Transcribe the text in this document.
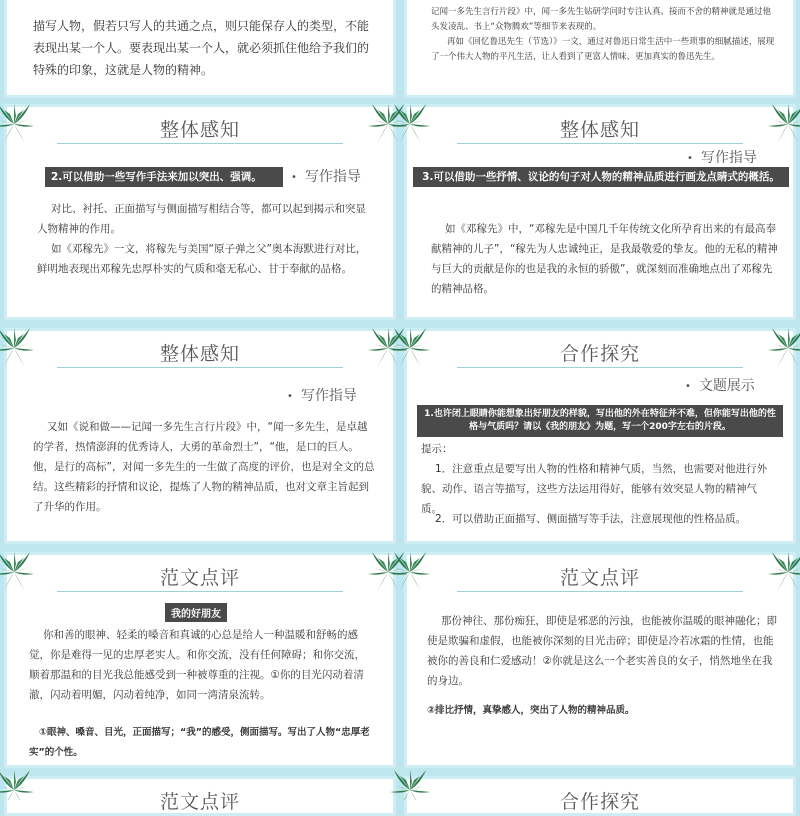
描写人物，假若只写人的共通之点，则只能保存人的类型，不能表现出某一个人。要表现出某一个人，就必须抓住他给予我们的特殊的印象，这就是人物的精神。
记闻一多先生言行片段》中，闻一多先生钻研学问时专注认真、接而不舍的精神就是通过他头发凌乱、书上“众物腾欢”等细节来表现的。
再如《回忆鲁迅先生（节选）》一文，通过对鲁迅日常生活中一些琐事的细腻描述，展现了一个伟大人物的平凡生活，让人看到了更富人情味、更加真实的鲁迅先生。
整体感知
2.可以借助一些写作手法来加以突出、强调。	• 写作指导
对比、衬托、正面描写与侧面描写相结合等，都可以起到揭示和突显人物精神的作用。
如《邓稼先》一文，将稼先与美国“原子弹之父”奥本海默进行对比，鲜明地表现出邓稼先忠厚朴实的气质和毫无私心、甘于奉献的品格。
整体感知
• 写作指导
3.可以借助一些抒情、议论的句子对人物的精神品质进行画龙点睛式的概括。
如《邓稼先》中，“邓稼先是中国几千年传统文化所孕育出来的有最高奉献精神的儿子”，“稼先为人忠诚纯正，是我最敬爱的挚友。他的无私的精神与巨大的贡献是你的也是我的永恒的骄傲”，就深刻而准确地点出了邓稼先的精神品格。
整体感知
• 写作指导
又如《说和做——记闻一多先生言行片段》中，“闻一多先生，是卓越的学者，热情澎湃的优秀诗人，大勇的革命烈士”，“他，是口的巨人。他，是行的高标”，对闻一多先生的一生做了高度的评价，也是对全文的总结。这些精彩的抒情和议论，提炼了人物的精神品质，也对文章主旨起到了升华的作用。
合作探究
• 文题展示
1.也许闭上眼睛你能想象出好朋友的样貌，写出他的外在特征并不难，但你能写出他的性格与气质吗？请以《我的朋友》为题，写一个200字左右的片段。
提示：
1．注意重点是要写出人物的性格和精神气质，当然，也需要对他进行外貌、动作、语言等描写，这些方法运用得好，能够有效突显人物的精神气质。
2．可以借助正面描写、侧面描写等手法，注意展现他的性格品质。
范文点评
我的好朋友
你和善的眼神、轻柔的嗓音和真诚的心总是给人一种温暖和舒畅的感觉，你是难得一见的忠厚老实人。和你交流，没有任何障碍；和你交流，顺着那温和的目光我总能感受到一种被尊重的注视。①你的目光闪动着清澈，闪动着明媚，闪动着纯净，如同一湾清泉流转。
①眼神、嗓音、目光，正面描写；“我”的感受，侧面描写。写出了人物“忠厚老实”的个性。
范文点评
那份神往、那份痴狂，即使是邪恶的污浊，也能被你温暖的眼神融化；即使是欺骗和虚假，也能被你深刻的目光击碎；即使是冷若冰霜的性情，也能被你的善良和仁爱感动！②你就是这么一个老实善良的女子，悄然地坐在我的身边。
②排比抒情，真挚感人，突出了人物的精神品质。
范文点评	合作探究
